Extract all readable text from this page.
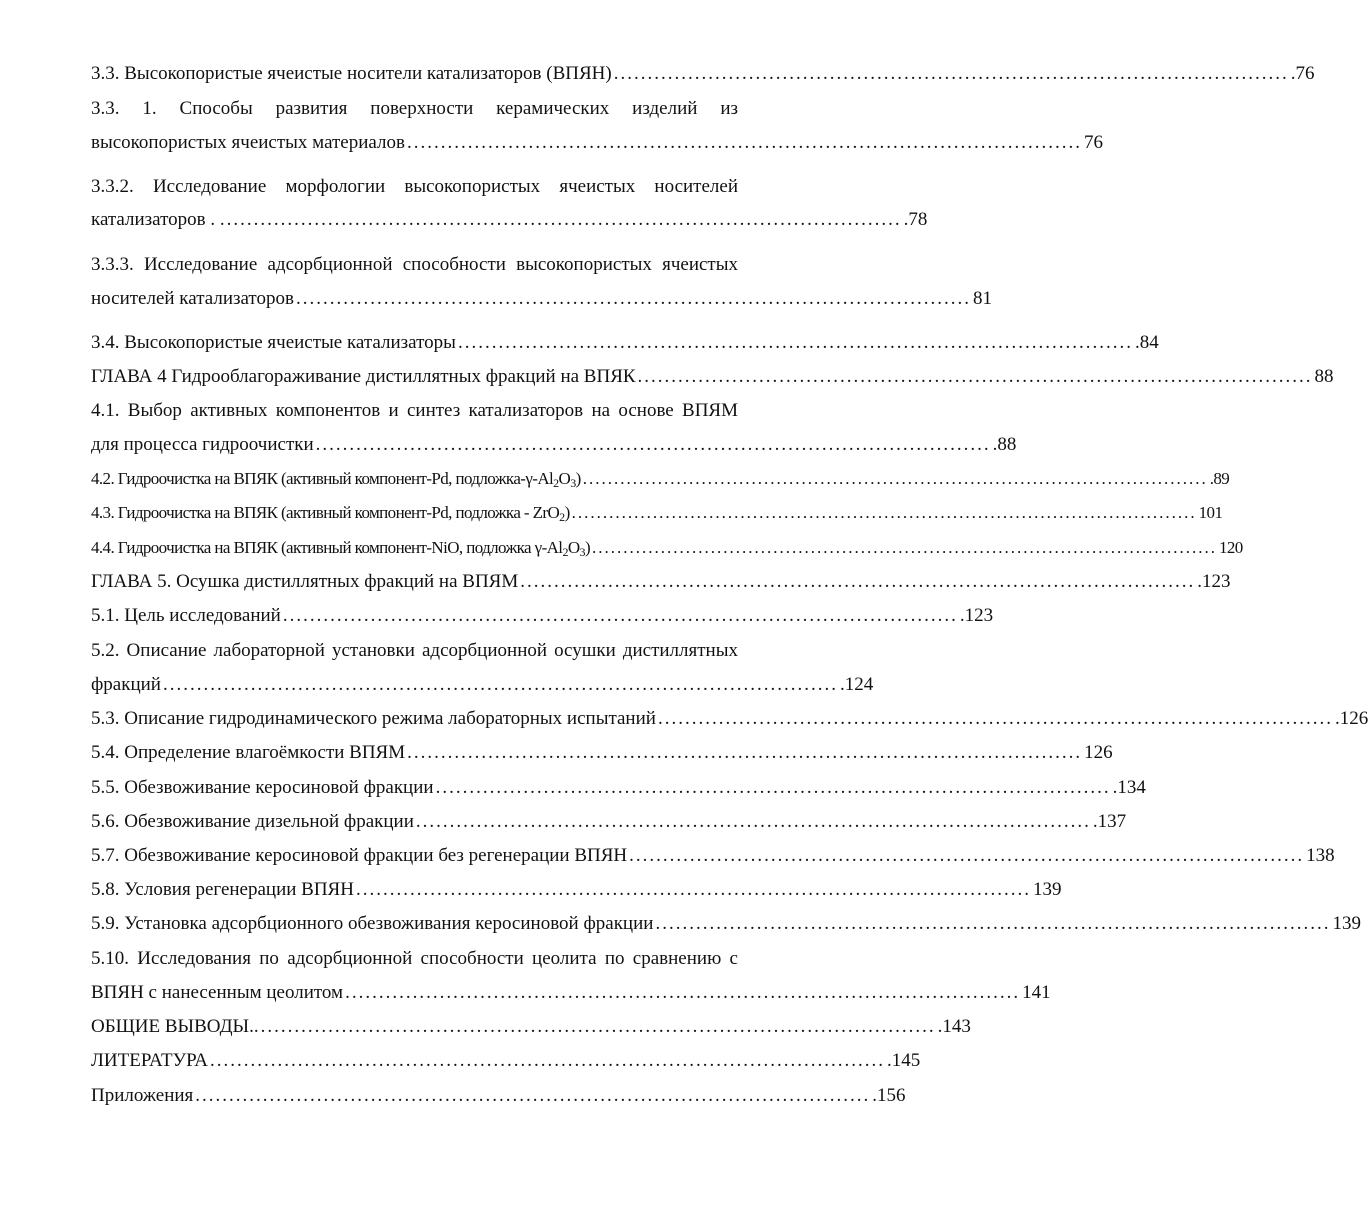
3.3. Высокопористые ячеистые носители катализаторов (ВПЯН) .................................................................................................... .76
3.3. 1. Способы развития поверхности керамических изделий из
высокопористых ячеистых материалов .................................................................................................... 76
3.3.2. Исследование морфологии высокопористых ячеистых носителей
катализаторов . . .................................................................................................... .78
3.3.3. Исследование адсорбционной способности высокопористых ячеистых
носителей катализаторов .................................................................................................... 81
3.4. Высокопористые ячеистые катализаторы .................................................................................................... .84
ГЛАВА 4 Гидрооблагораживание дистиллятных фракций на ВПЯК .................................................................................................... 88
4.1. Выбор активных компонентов и синтез катализаторов на основе ВПЯМ
для процесса гидроочистки .................................................................................................... .88
4.2. Гидроочистка на ВПЯК (активный компонент-Pd, подложка-$\gamma-Al_2O_3$) .................................................................................................... .89
4.3. Гидроочистка на ВПЯК (активный компонент-Pd, подложка - ZrO$_2$) .................................................................................................... 101
4.4. Гидроочистка на ВПЯК (активный компонент-NiO, подложка $\gamma-Al_2O_3$) .................................................................................................... 120
ГЛАВА 5. Осушка дистиллятных фракций на ВПЯМ .................................................................................................... .123
5.1. Цель исследований .................................................................................................... .123
5.2. Описание лабораторной установки адсорбционной осушки дистиллятных
фракций .................................................................................................... .124
5.3. Описание гидродинамического режима лабораторных испытаний .................................................................................................... .126
5.4. Определение влагоёмкости ВПЯМ .................................................................................................... 126
5.5. Обезвоживание керосиновой фракции .................................................................................................... .134
5.6. Обезвоживание дизельной фракции .................................................................................................... .137
5.7. Обезвоживание керосиновой фракции без регенерации ВПЯН .................................................................................................... 138
5.8. Условия регенерации ВПЯН .................................................................................................... 139
5.9. Установка адсорбционного обезвоживания керосиновой фракции .................................................................................................... 139
5.10. Исследования по адсорбционной способности цеолита по сравнению с
ВПЯН с нанесенным цеолитом .................................................................................................... 141
ОБЩИЕ ВЫВОДЫ.. .................................................................................................... .143
ЛИТЕРАТУРА .................................................................................................... .145
Приложения .................................................................................................... .156
